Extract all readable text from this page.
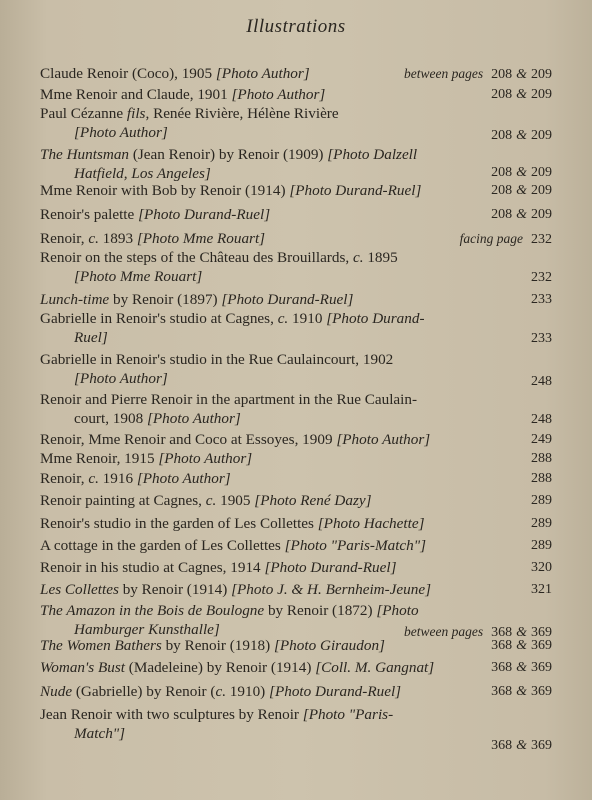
Illustrations
Claude Renoir (Coco), 1905 [Photo Author]	between pages 208 & 209
Mme Renoir and Claude, 1901 [Photo Author]	208 & 209
Paul Cézanne fils, Renée Rivière, Hélène Rivière
[Photo Author]	208 & 209
The Huntsman (Jean Renoir) by Renoir (1909) [Photo Dalzell
Hatfield, Los Angeles]	208 & 209
Mme Renoir with Bob by Renoir (1914) [Photo Durand-Ruel]	208 & 209
Renoir's palette [Photo Durand-Ruel]	208 & 209
Renoir, c. 1893 [Photo Mme Rouart]	facing page 232
Renoir on the steps of the Château des Brouillards, c. 1895
[Photo Mme Rouart]	232
Lunch-time by Renoir (1897) [Photo Durand-Ruel]	233
Gabrielle in Renoir's studio at Cagnes, c. 1910 [Photo Durand-
Ruel]	233
Gabrielle in Renoir's studio in the Rue Caulaincourt, 1902
[Photo Author]	248
Renoir and Pierre Renoir in the apartment in the Rue Caulain-
court, 1908 [Photo Author]	248
Renoir, Mme Renoir and Coco at Essoyes, 1909 [Photo Author]	249
Mme Renoir, 1915 [Photo Author]	288
Renoir, c. 1916 [Photo Author]	288
Renoir painting at Cagnes, c. 1905 [Photo René Dazy]	289
Renoir's studio in the garden of Les Collettes [Photo Hachette]	289
A cottage in the garden of Les Collettes [Photo "Paris-Match"]	289
Renoir in his studio at Cagnes, 1914 [Photo Durand-Ruel]	320
Les Collettes by Renoir (1914) [Photo J. & H. Bernheim-Jeune]	321
The Amazon in the Bois de Boulogne by Renoir (1872) [Photo
Hamburger Kunsthalle]	between pages 368 & 369
The Women Bathers by Renoir (1918) [Photo Giraudon]	368 & 369
Woman's Bust (Madeleine) by Renoir (1914) [Coll. M. Gangnat]	368 & 369
Nude (Gabrielle) by Renoir (c. 1910) [Photo Durand-Ruel]	368 & 369
Jean Renoir with two sculptures by Renoir [Photo "Paris-
Match"]
368 & 369
